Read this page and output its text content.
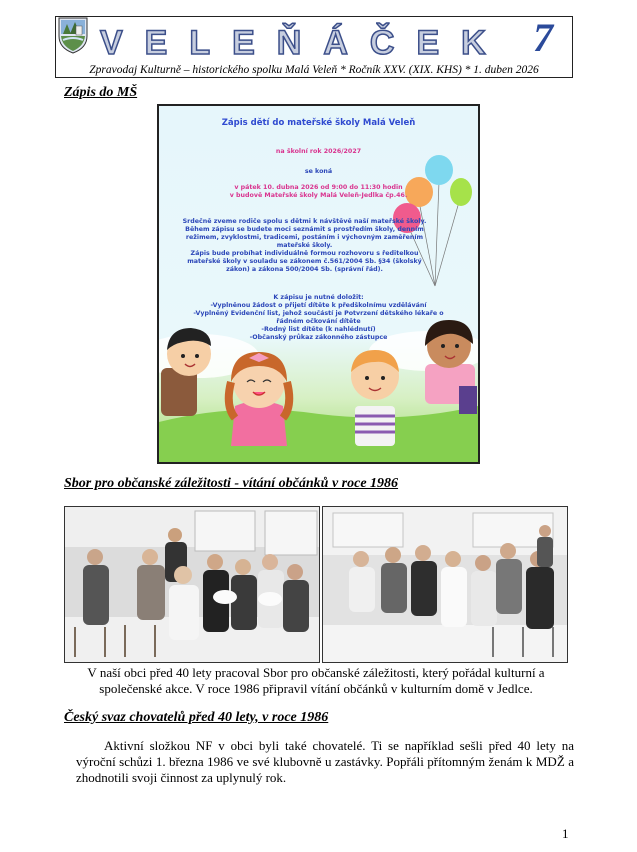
VELEŇÁČEK 7
Zpravodaj Kulturně – historického spolku Malá Veleň * Ročník XXV. (XIX. KHS) * 1. duben 2026
Zápis do MŠ
Zápis dětí do mateřské školy Malá Veleň
na školní rok 2026/2027
se koná
v pátek 10. dubna 2026 od 9:00 do 11:30 hodin
v budově Mateřské školy Malá Veleň-Jedlka čp.46.
Srdečně zveme rodiče spolu s dětmi k návštěvě naší mateřské školy.
Během zápisu se budete moci seznámit s prostředím školy, denním
režimem, zvyklostmi, tradicemi, postáním i výchovným zaměřením
mateřské školy.
Zápis bude probíhat individuálně formou rozhovoru s ředitelkou
mateřské školy v souladu se zákonem č.561/2004 Sb. §34 (školský
zákon) a zákona 500/2004 Sb. (správní řád).
K zápisu je nutné doložit:
-Vyplněnou žádost o přijetí dítěte k předškolnímu vzdělávání
-Vyplněný Evidenční list, jehož součástí je Potvrzení dětského lékaře o
řádném očkování dítěte
-Rodný list dítěte (k nahlédnutí)
-Občanský průkaz zákonného zástupce
Sbor pro občanské záležitosti - vítání občánků v roce 1986
V naší obci před 40 lety pracoval Sbor pro občanské záležitosti, který pořádal kulturní a
společenské akce. V roce 1986 připravil vítání občánků v kulturním domě v Jedlce.
Český svaz chovatelů před 40 lety, v roce 1986
Aktivní složkou NF v obci byli také chovatelé. Ti se například sešli před 40 lety na výroční schůzi 1. března 1986 ve své klubovně u zastávky. Popřáli přítomným ženám k MDŽ a zhodnotili svoji činnost za uplynulý rok.
1
